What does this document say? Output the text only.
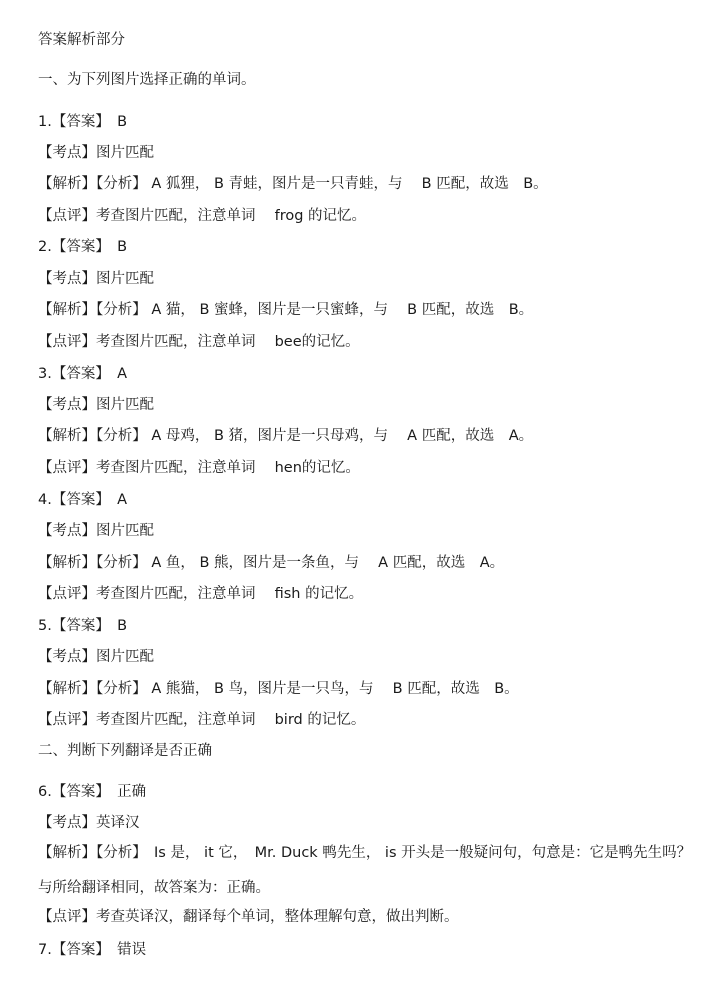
答案解析部分
一、为下列图片选择正确的单词。
1.【答案】　B
【考点】图片匹配
【解析】【分析】 A 狐狸， B 青蛙，图片是一只青蛙，与　 B 匹配，故选　B。
【点评】考查图片匹配，注意单词　 frog 的记忆。
2.【答案】　B
【考点】图片匹配
【解析】【分析】 A 猫， B 蜜蜂，图片是一只蜜蜂，与　 B 匹配，故选　B。
【点评】考查图片匹配，注意单词　 bee的记忆。
3.【答案】　A
【考点】图片匹配
【解析】【分析】 A 母鸡， B 猪，图片是一只母鸡，与　 A 匹配，故选　A。
【点评】考查图片匹配，注意单词　 hen的记忆。
4.【答案】　A
【考点】图片匹配
【解析】【分析】 A 鱼， B 熊，图片是一条鱼，与　 A 匹配，故选　A。
【点评】考查图片匹配，注意单词　 fish 的记忆。
5.【答案】　B
【考点】图片匹配
【解析】【分析】 A 熊猫， B 鸟，图片是一只鸟，与　 B 匹配，故选　B。
【点评】考查图片匹配，注意单词　 bird 的记忆。
二、判断下列翻译是否正确
6.【答案】　正确
【考点】英译汉
【解析】【分析】　Is 是， it 它，　Mr. Duck 鸭先生， is 开头是一般疑问句，句意是：它是鸭先生吗？与所给翻译相同，故答案为：正确。
【点评】考查英译汉，翻译每个单词，整体理解句意，做出判断。
7.【答案】　错误
